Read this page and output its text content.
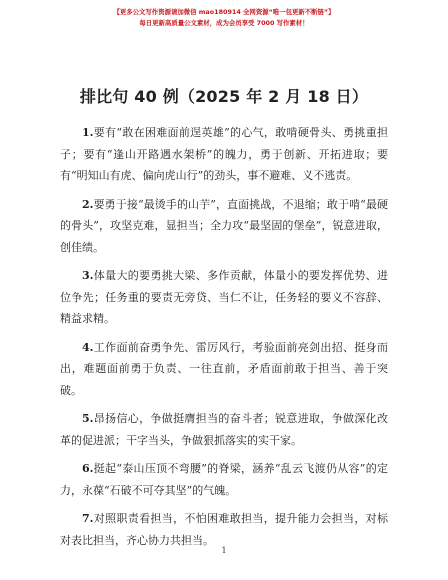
【更多公文写作资源请加微信 mao180914 全网资源“唯一包更新不断链”】
每日更新高质量公文素材，成为会员享受 7000 写作素材！
排比句 40 例（2025 年 2 月 18 日）

1.要有“敢在困难面前逞英雄”的心气，敢啃硬骨头、勇挑重担子；要有“逢山开路遇水架桥”的魄力，勇于创新、开拓进取；要有“明知山有虎、偏向虎山行”的劲头，事不避难、义不逃责。

2.要勇于接“最烫手的山芋”，直面挑战，不退缩；敢于啃“最硬的骨头”，攻坚克难，显担当；全力攻“最坚固的堡垒”，锐意进取，创佳绩。

3.体量大的要勇挑大梁、多作贡献，体量小的要发挥优势、进位争先；任务重的要责无旁贷、当仁不让，任务轻的要义不容辞、精益求精。

4.工作面前奋勇争先、雷厉风行，考验面前亮剑出招、挺身而出，难题面前勇于负责、一往直前，矛盾面前敢于担当、善于突破。

5.昂扬信心，争做挺膺担当的奋斗者；锐意进取，争做深化改革的促进派；干字当头，争做狠抓落实的实干家。

6.挺起“泰山压顶不弯腰”的脊梁，涵养“乱云飞渡仍从容”的定力，永葆“石破不可夺其坚”的气魄。

7.对照职责看担当，不怕困难敢担当，提升能力会担当，对标对表比担当，齐心协力共担当。

1
